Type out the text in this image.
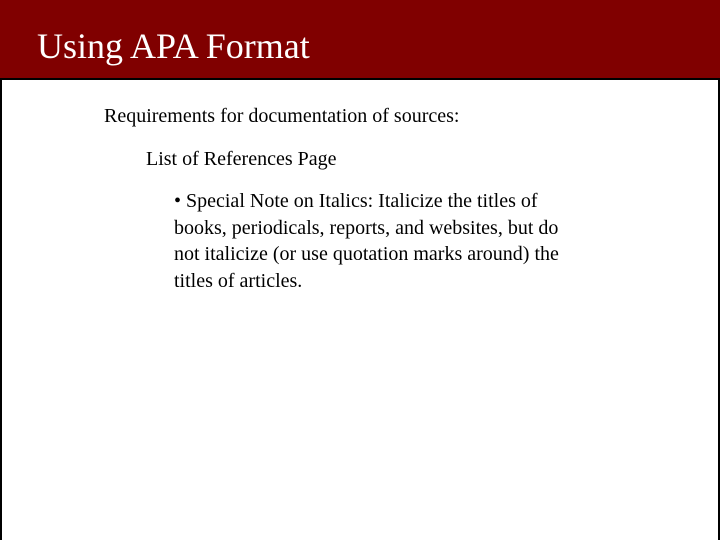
Using APA Format
Requirements for documentation of sources:
List of References Page
• Special Note on Italics: Italicize the titles of
books, periodicals, reports, and websites, but do
not italicize (or use quotation marks around) the
titles of articles.
